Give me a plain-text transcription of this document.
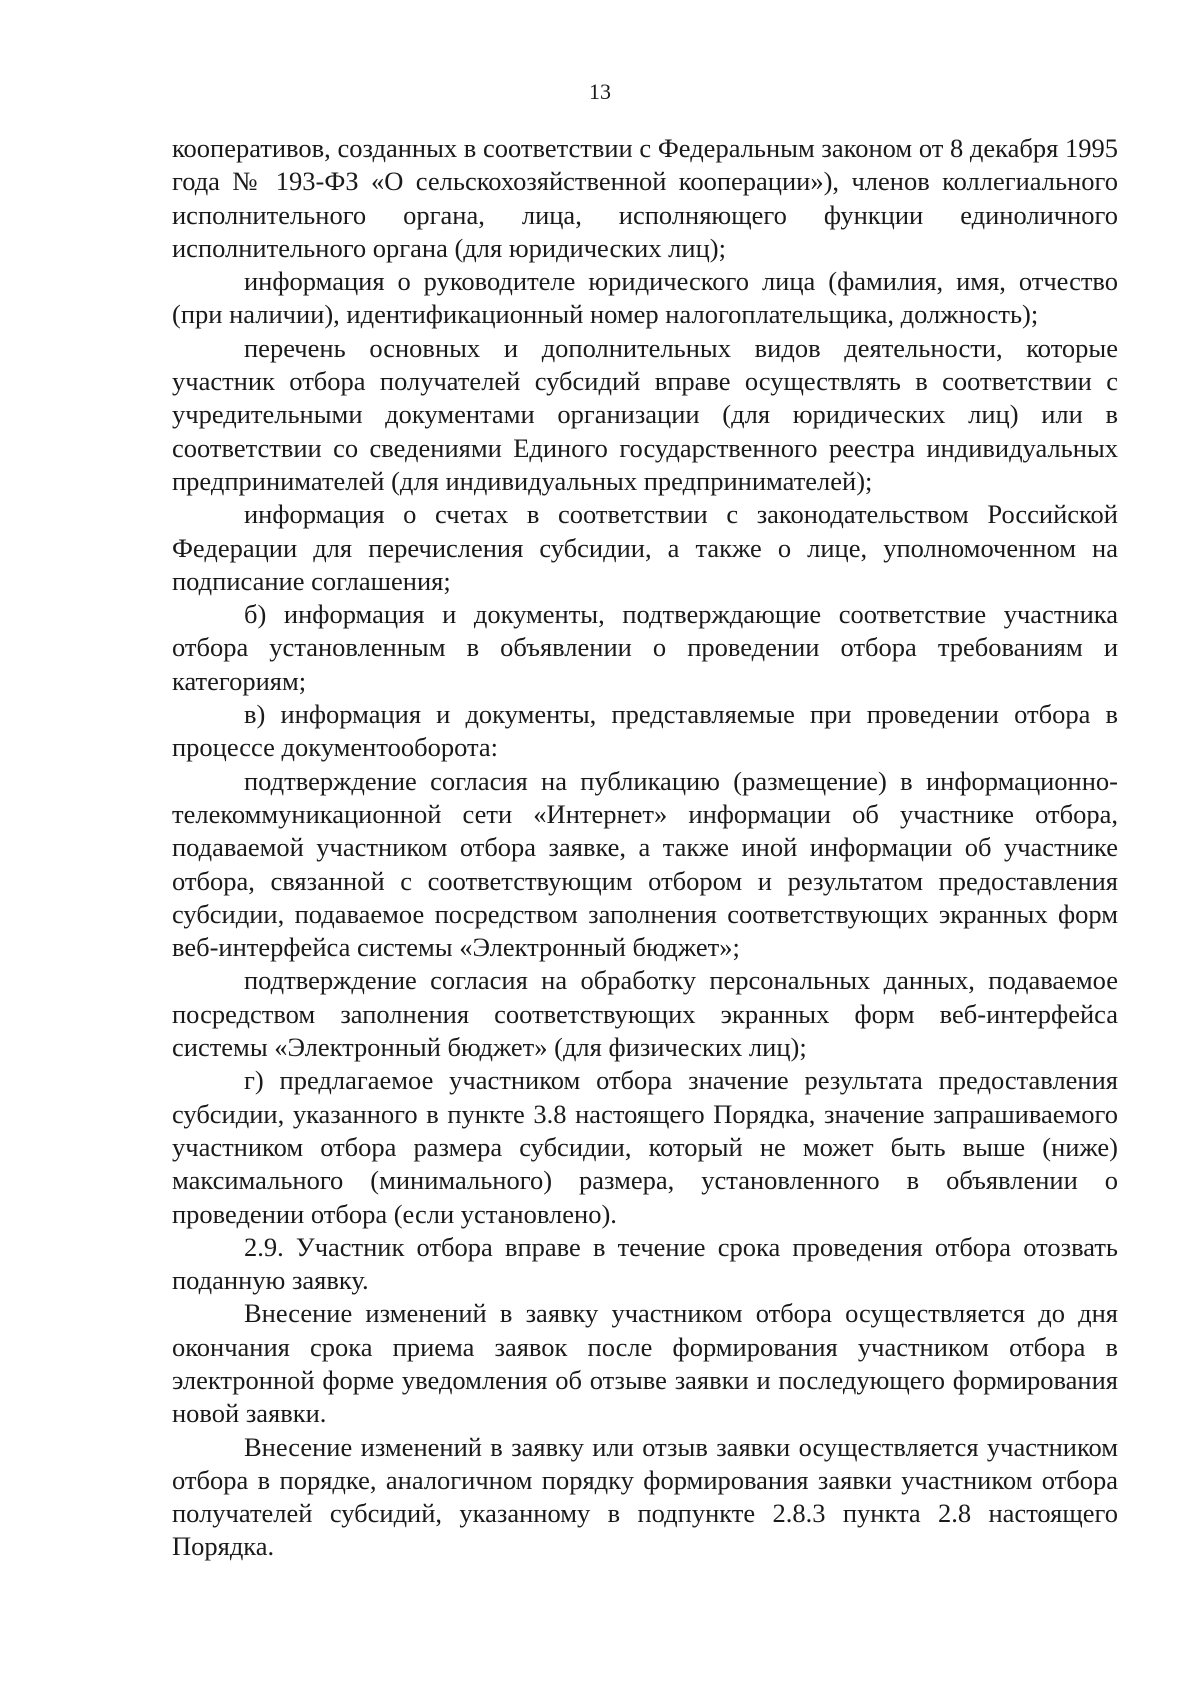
13

кооперативов, созданных в соответствии с Федеральным законом от 8 декабря 1995 года № 193-ФЗ «О сельскохозяйственной кооперации»), членов коллегиального исполнительного органа, лица, исполняющего функции единоличного исполнительного органа (для юридических лиц);

информация о руководителе юридического лица (фамилия, имя, отчество (при наличии), идентификационный номер налогоплательщика, должность);

перечень основных и дополнительных видов деятельности, которые участник отбора получателей субсидий вправе осуществлять в соответствии с учредительными документами организации (для юридических лиц) или в соответствии со сведениями Единого государственного реестра индивидуальных предпринимателей (для индивидуальных предпринимателей);

информация о счетах в соответствии с законодательством Российской Федерации для перечисления субсидии, а также о лице, уполномоченном на подписание соглашения;

б) информация и документы, подтверждающие соответствие участника отбора установленным в объявлении о проведении отбора требованиям и категориям;

в) информация и документы, представляемые при проведении отбора в процессе документооборота:

подтверждение согласия на публикацию (размещение) в информационно-телекоммуникационной сети «Интернет» информации об участнике отбора, подаваемой участником отбора заявке, а также иной информации об участнике отбора, связанной с соответствующим отбором и результатом предоставления субсидии, подаваемое посредством заполнения соответствующих экранных форм веб-интерфейса системы «Электронный бюджет»;

подтверждение согласия на обработку персональных данных, подаваемое посредством заполнения соответствующих экранных форм веб-интерфейса системы «Электронный бюджет» (для физических лиц);

г) предлагаемое участником отбора значение результата предоставления субсидии, указанного в пункте 3.8 настоящего Порядка, значение запрашиваемого участником отбора размера субсидии, который не может быть выше (ниже) максимального (минимального) размера, установленного в объявлении о проведении отбора (если установлено).

2.9. Участник отбора вправе в течение срока проведения отбора отозвать поданную заявку.

Внесение изменений в заявку участником отбора осуществляется до дня окончания срока приема заявок после формирования участником отбора в электронной форме уведомления об отзыве заявки и последующего формирования новой заявки.

Внесение изменений в заявку или отзыв заявки осуществляется участником отбора в порядке, аналогичном порядку формирования заявки участником отбора получателей субсидий, указанному в подпункте 2.8.3 пункта 2.8 настоящего Порядка.
